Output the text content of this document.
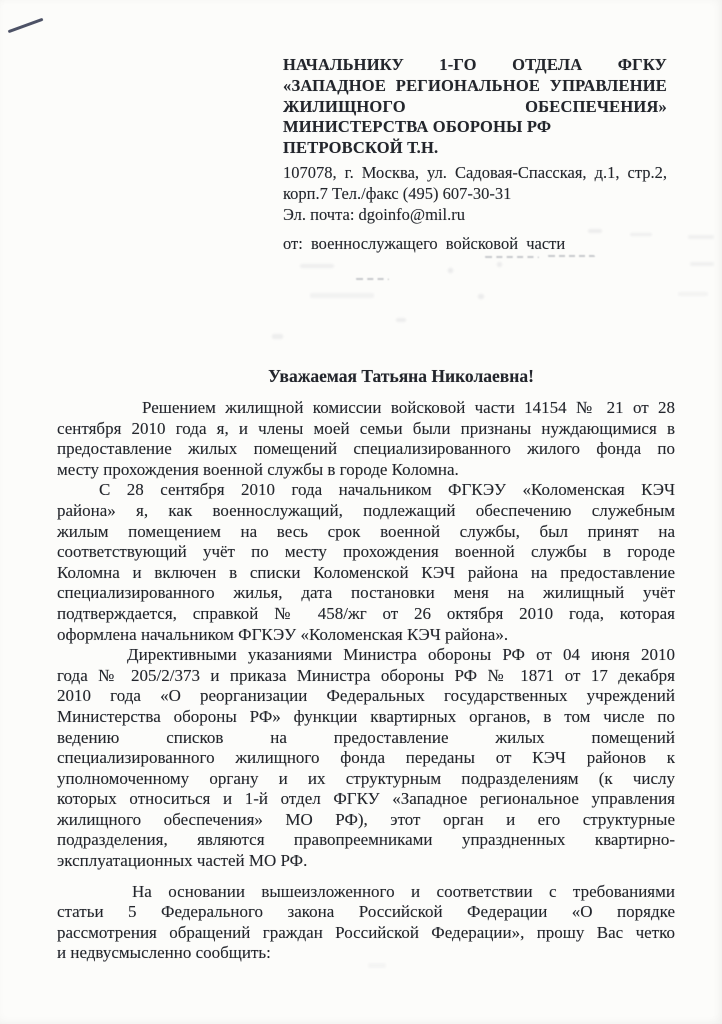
НАЧАЛЬНИКУ 1-ГО ОТДЕЛА ФГКУ
«ЗАПАДНОЕ РЕГИОНАЛЬНОЕ УПРАВЛЕНИЕ
ЖИЛИЩНОГО ОБЕСПЕЧЕНИЯ»
МИНИСТЕРСТВА ОБОРОНЫ РФ
ПЕТРОВСКОЙ Т.Н.
107078, г. Москва, ул. Садовая-Спасская, д.1, стр.2,
корп.7 Тел./факс (495) 607-30-31
Эл. почта: dgoinfo@mil.ru
от: военнослужащего войсковой части
Уважаемая Татьяна Николаевна!
Решением жилищной комиссии войсковой части 14154 № 21 от 28
сентября 2010 года я, и члены моей семьи были признаны нуждающимися в
предоставление жилых помещений специализированного жилого фонда по
месту прохождения военной службы в городе Коломна.
С 28 сентября 2010 года начальником ФГКЭУ «Коломенская КЭЧ
района» я, как военнослужащий, подлежащий обеспечению служебным
жилым помещением на весь срок военной службы, был принят на
соответствующий учёт по месту прохождения военной службы в городе
Коломна и включен в списки Коломенской КЭЧ района на предоставление
специализированного жилья, дата постановки меня на жилищный учёт
подтверждается, справкой № 458/жг от 26 октября 2010 года, которая
оформлена начальником ФГКЭУ «Коломенская КЭЧ района».
Директивными указаниями Министра обороны РФ от 04 июня 2010
года № 205/2/373 и приказа Министра обороны РФ № 1871 от 17 декабря
2010 года «О реорганизации Федеральных государственных учреждений
Министерства обороны РФ» функции квартирных органов, в том числе по
ведению списков на предоставление жилых помещений
специализированного жилищного фонда переданы от КЭЧ районов к
уполномоченному органу и их структурным подразделениям (к числу
которых относиться и 1-й отдел ФГКУ «Западное региональное управления
жилищного обеспечения» МО РФ), этот орган и его структурные
подразделения, являются правопреемниками упраздненных квартирно-
эксплуатационных частей МО РФ.
На основании вышеизложенного и соответствии с требованиями
статьи 5 Федерального закона Российской Федерации «О порядке
рассмотрения обращений граждан Российской Федерации», прошу Вас четко
и недвусмысленно сообщить:
